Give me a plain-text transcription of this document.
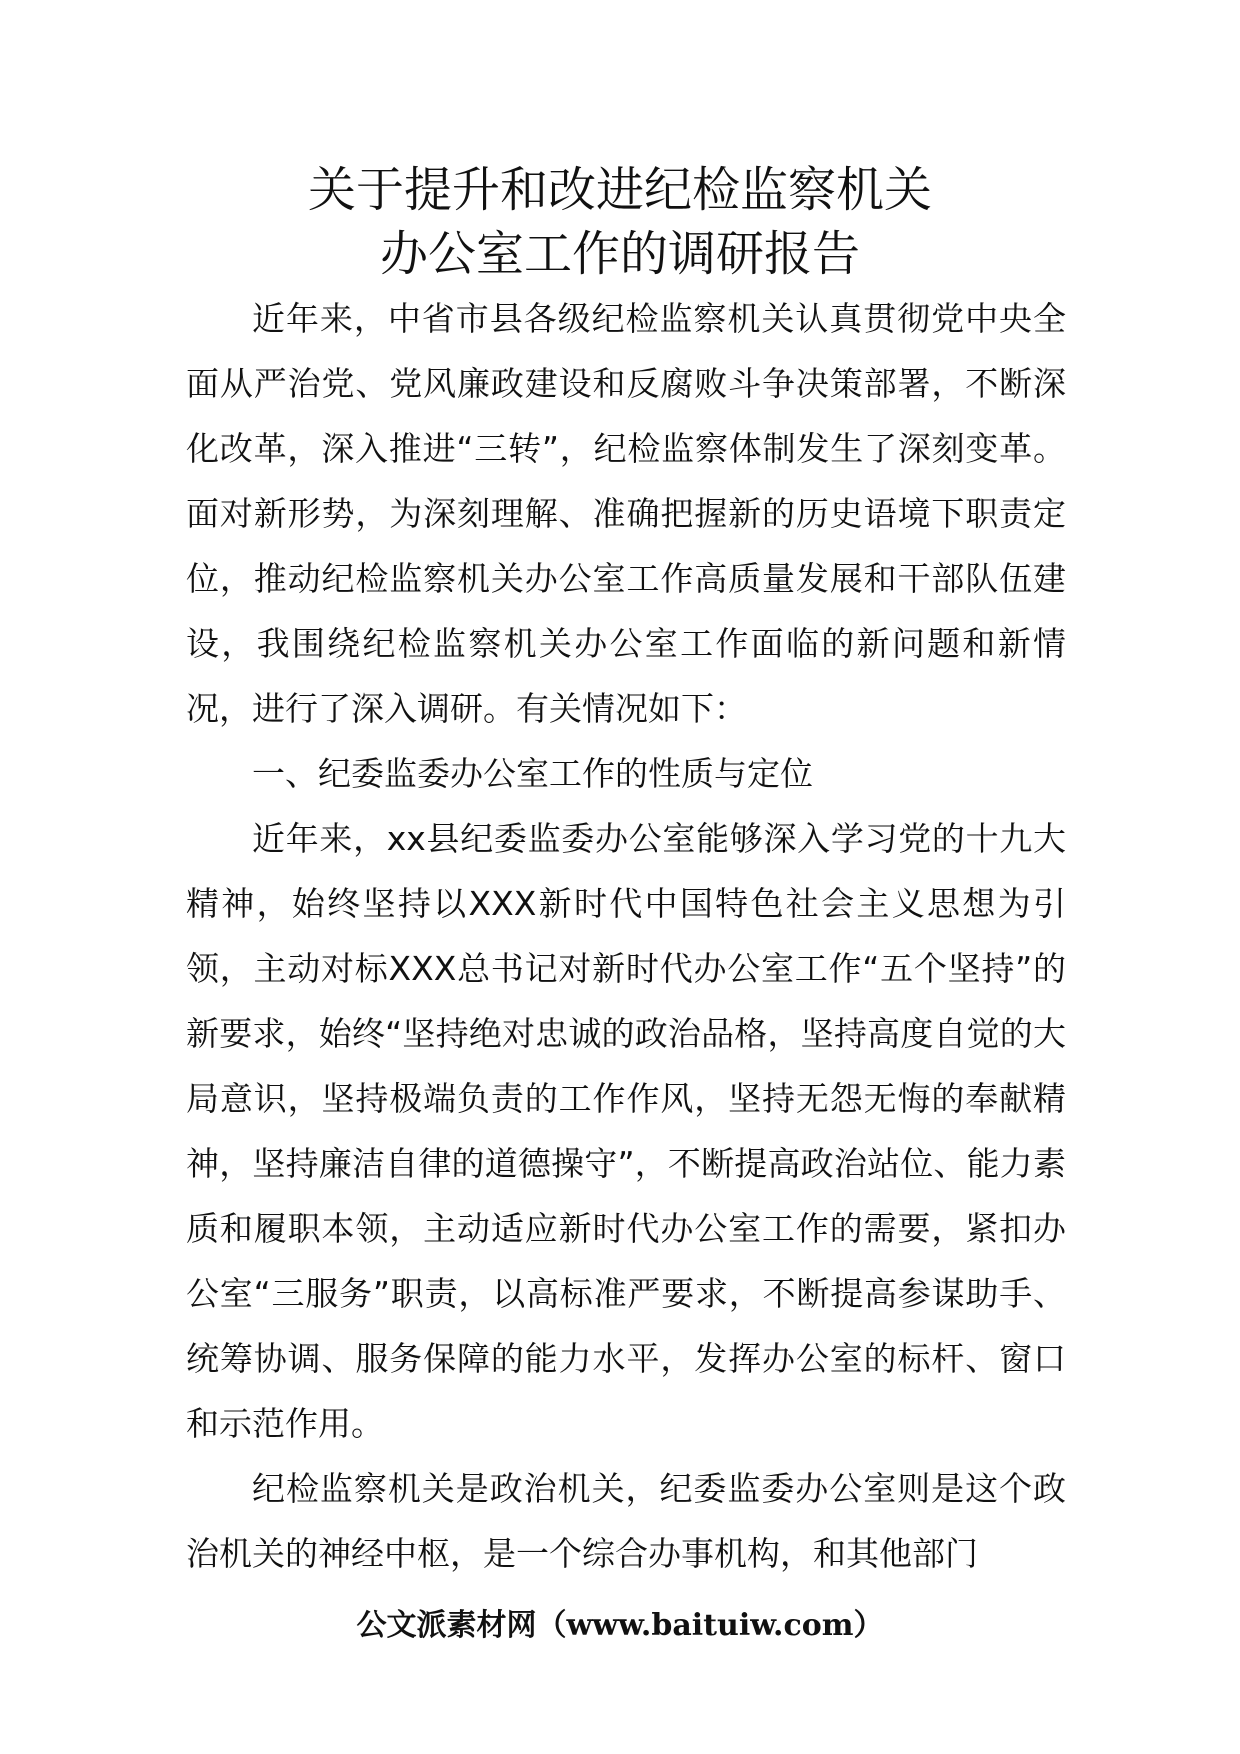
关于提升和改进纪检监察机关
办公室工作的调研报告

近年来，中省市县各级纪检监察机关认真贯彻党中央全面从严治党、党风廉政建设和反腐败斗争决策部署，不断深化改革，深入推进“三转”，纪检监察体制发生了深刻变革。面对新形势，为深刻理解、准确把握新的历史语境下职责定位，推动纪检监察机关办公室工作高质量发展和干部队伍建设，我围绕纪检监察机关办公室工作面临的新问题和新情况，进行了深入调研。有关情况如下：

一、纪委监委办公室工作的性质与定位

近年来，xx县纪委监委办公室能够深入学习党的十九大精神，始终坚持以XXX新时代中国特色社会主义思想为引领，主动对标XXX总书记对新时代办公室工作“五个坚持”的新要求，始终“坚持绝对忠诚的政治品格，坚持高度自觉的大局意识，坚持极端负责的工作作风，坚持无怨无悔的奉献精神，坚持廉洁自律的道德操守”，不断提高政治站位、能力素质和履职本领，主动适应新时代办公室工作的需要，紧扣办公室“三服务”职责，以高标准严要求，不断提高参谋助手、统筹协调、服务保障的能力水平，发挥办公室的标杆、窗口和示范作用。

纪检监察机关是政治机关，纪委监委办公室则是这个政治机关的神经中枢，是一个综合办事机构，和其他部门

公文派素材网（www.baituiw.com）
